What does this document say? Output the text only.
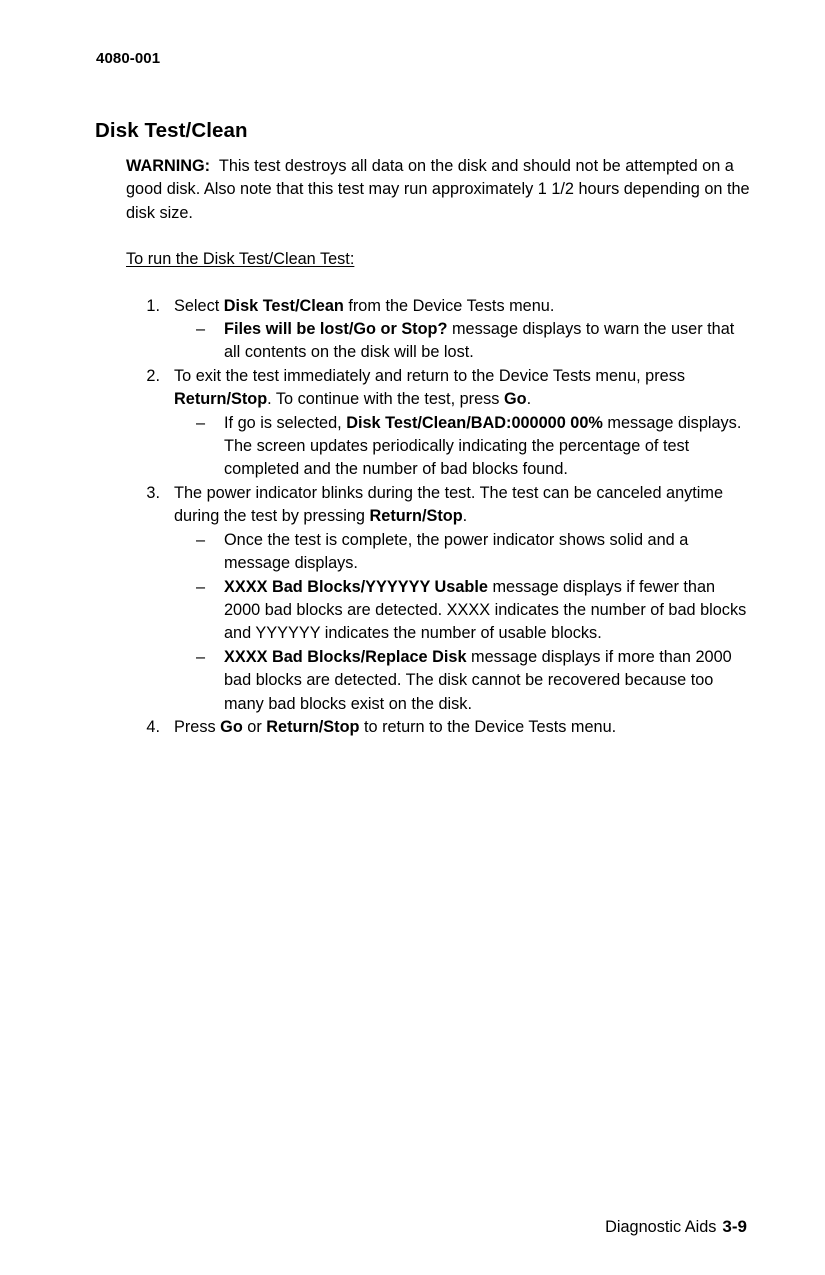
4080-001
Disk Test/Clean

WARNING: This test destroys all data on the disk and should not be attempted on a good disk. Also note that this test may run approximately 1 1/2 hours depending on the disk size.

To run the Disk Test/Clean Test:

1. Select Disk Test/Clean from the Device Tests menu.
–	Files will be lost/Go or Stop? message displays to warn the user that all contents on the disk will be lost.
2. To exit the test immediately and return to the Device Tests menu, press Return/Stop. To continue with the test, press Go.
–	If go is selected, Disk Test/Clean/BAD:000000 00% message displays. The screen updates periodically indicating the percentage of test completed and the number of bad blocks found.
3. The power indicator blinks during the test. The test can be canceled anytime during the test by pressing Return/Stop.
–	Once the test is complete, the power indicator shows solid and a message displays.
–	XXXX Bad Blocks/YYYYYY Usable message displays if fewer than 2000 bad blocks are detected. XXXX indicates the number of bad blocks and YYYYYY indicates the number of usable blocks.
–	XXXX Bad Blocks/Replace Disk message displays if more than 2000 bad blocks are detected. The disk cannot be recovered because too many bad blocks exist on the disk.
4. Press Go or Return/Stop to return to the Device Tests menu.
Diagnostic Aids 3-9
